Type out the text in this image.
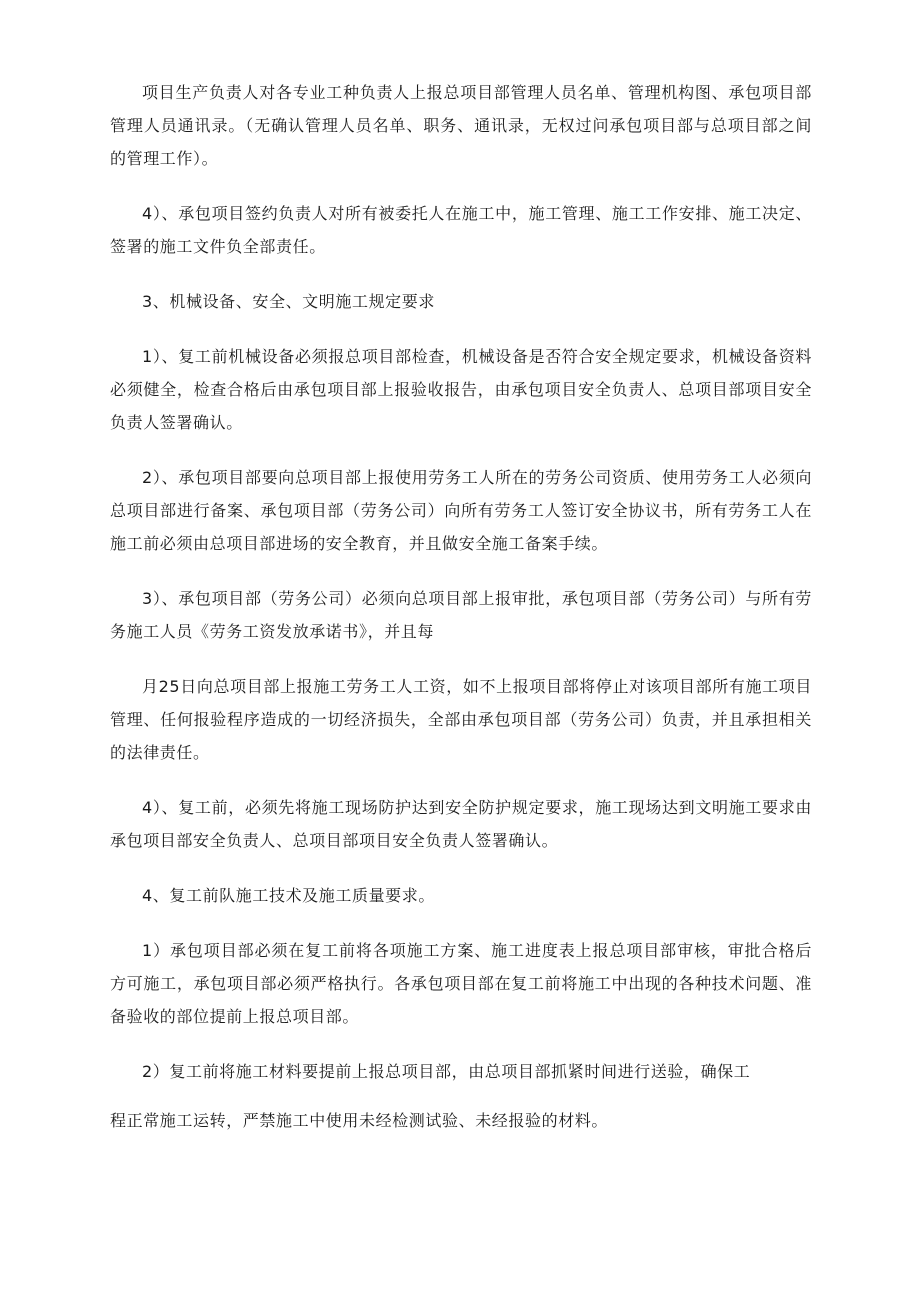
项目生产负责人对各专业工种负责人上报总项目部管理人员名单、管理机构图、承包项目部管理人员通讯录。（无确认管理人员名单、职务、通讯录，无权过问承包项目部与总项目部之间的管理工作）。

4）、承包项目签约负责人对所有被委托人在施工中，施工管理、施工工作安排、施工决定、签署的施工文件负全部责任。

3、机械设备、安全、文明施工规定要求

1）、复工前机械设备必须报总项目部检查，机械设备是否符合安全规定要求，机械设备资料必须健全，检查合格后由承包项目部上报验收报告，由承包项目安全负责人、总项目部项目安全负责人签署确认。

2）、承包项目部要向总项目部上报使用劳务工人所在的劳务公司资质、使用劳务工人必须向总项目部进行备案、承包项目部（劳务公司）向所有劳务工人签订安全协议书，所有劳务工人在施工前必须由总项目部进场的安全教育，并且做安全施工备案手续。

3）、承包项目部（劳务公司）必须向总项目部上报审批，承包项目部（劳务公司）与所有劳务施工人员《劳务工资发放承诺书》，并且每

月25日向总项目部上报施工劳务工人工资，如不上报项目部将停止对该项目部所有施工项目管理、任何报验程序造成的一切经济损失，全部由承包项目部（劳务公司）负责，并且承担相关的法律责任。

4）、复工前，必须先将施工现场防护达到安全防护规定要求，施工现场达到文明施工要求由承包项目部安全负责人、总项目部项目安全负责人签署确认。

4、复工前队施工技术及施工质量要求。

1）承包项目部必须在复工前将各项施工方案、施工进度表上报总项目部审核，审批合格后方可施工，承包项目部必须严格执行。各承包项目部在复工前将施工中出现的各种技术问题、准备验收的部位提前上报总项目部。

2）复工前将施工材料要提前上报总项目部，由总项目部抓紧时间进行送验，确保工

程正常施工运转，严禁施工中使用未经检测试验、未经报验的材料。
